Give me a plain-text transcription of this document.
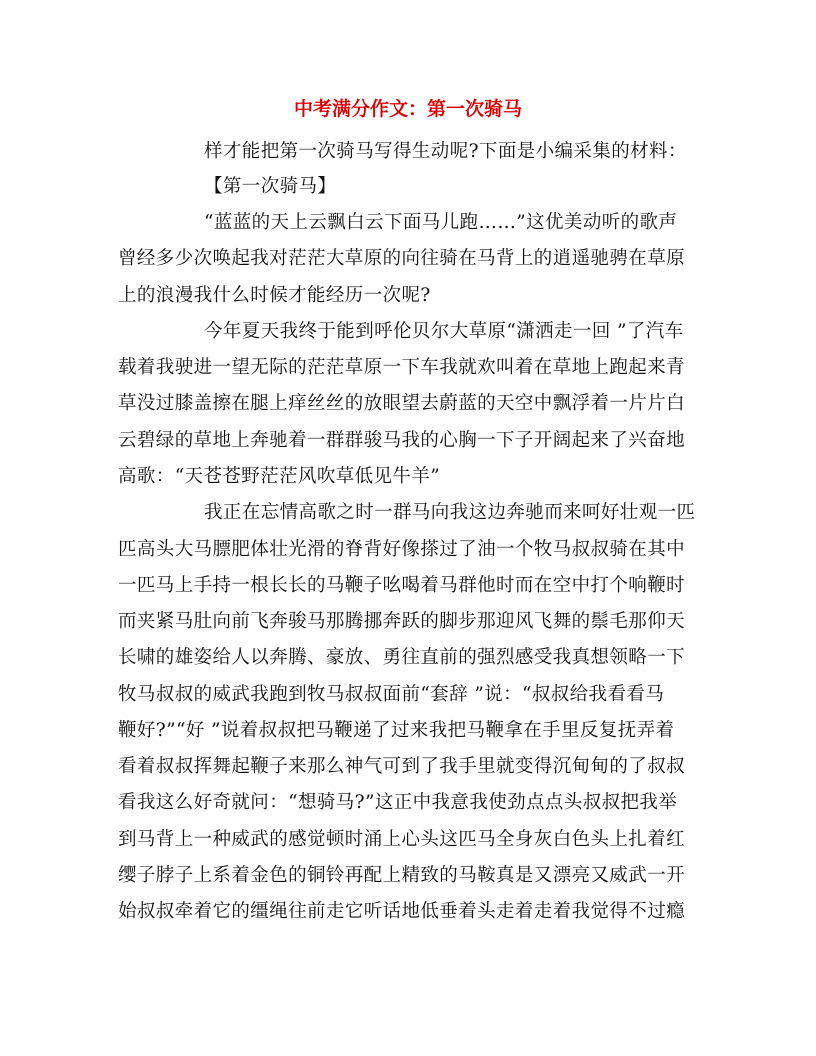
中考满分作文：第一次骑马
样才能把第一次骑马写得生动呢?下面是小编采集的材料：
【第一次骑马】
“蓝蓝的天上云飘白云下面马儿跑……”这优美动听的歌声
曾经多少次唤起我对茫茫大草原的向往骑在马背上的逍遥驰骋在草原
上的浪漫我什么时候才能经历一次呢?
今年夏天我终于能到呼伦贝尔大草原“潇洒走一回 ”了汽车
载着我驶进一望无际的茫茫草原一下车我就欢叫着在草地上跑起来青
草没过膝盖擦在腿上痒丝丝的放眼望去蔚蓝的天空中飘浮着一片片白
云碧绿的草地上奔驰着一群群骏马我的心胸一下子开阔起来了兴奋地
高歌：“天苍苍野茫茫风吹草低见牛羊”
我正在忘情高歌之时一群马向我这边奔驰而来呵好壮观一匹
匹高头大马膘肥体壮光滑的脊背好像搽过了油一个牧马叔叔骑在其中
一匹马上手持一根长长的马鞭子吆喝着马群他时而在空中打个响鞭时
而夹紧马肚向前飞奔骏马那腾挪奔跃的脚步那迎风飞舞的鬃毛那仰天
长啸的雄姿给人以奔腾、豪放、勇往直前的强烈感受我真想领略一下
牧马叔叔的威武我跑到牧马叔叔面前“套辞 ”说：“叔叔给我看看马
鞭好?”“好 ”说着叔叔把马鞭递了过来我把马鞭拿在手里反复抚弄着
看着叔叔挥舞起鞭子来那么神气可到了我手里就变得沉甸甸的了叔叔
看我这么好奇就问：“想骑马?”这正中我意我使劲点点头叔叔把我举
到马背上一种威武的感觉顿时涌上心头这匹马全身灰白色头上扎着红
缨子脖子上系着金色的铜铃再配上精致的马鞍真是又漂亮又威武一开
始叔叔牵着它的缰绳往前走它听话地低垂着头走着走着我觉得不过瘾
